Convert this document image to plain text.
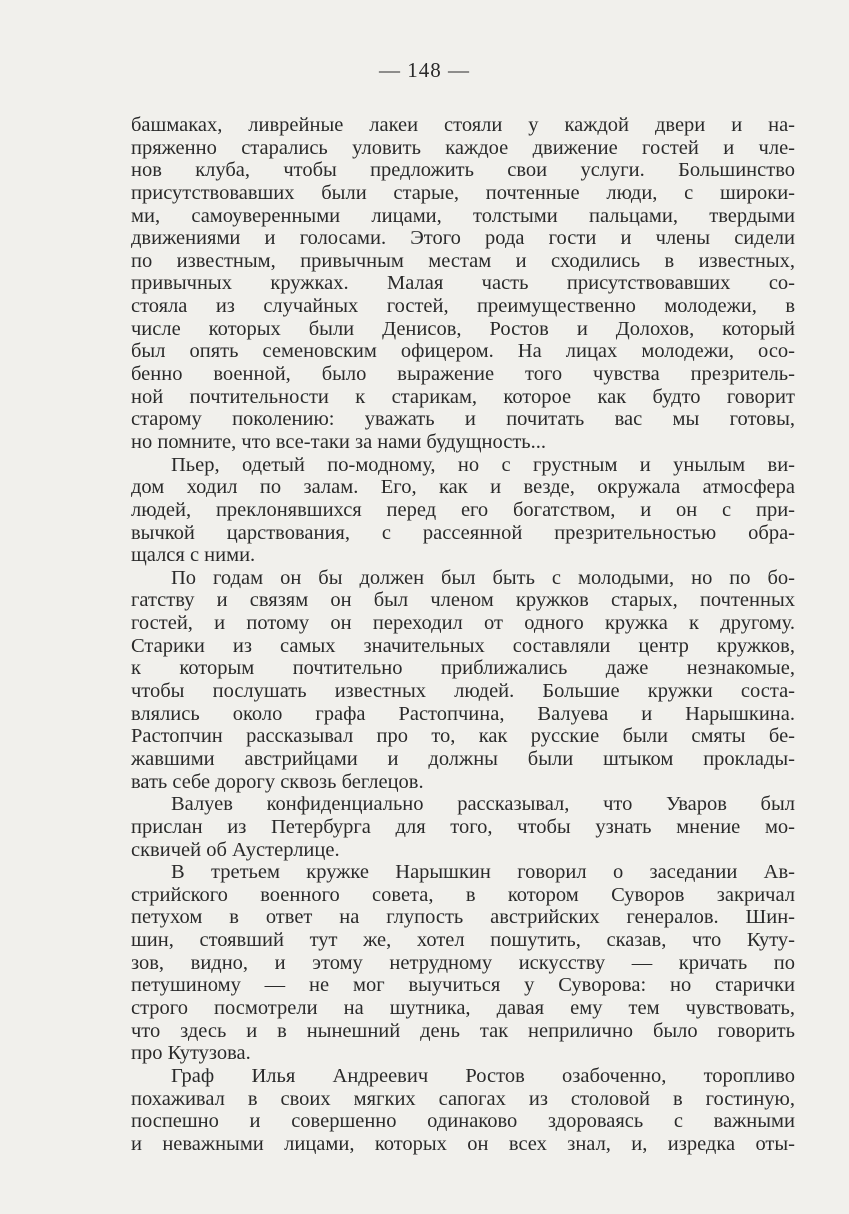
— 148 —
башмаках, ливрейные лакеи стояли у каждой двери и на-
пряженно старались уловить каждое движение гостей и чле-
нов клуба, чтобы предложить свои услуги. Большинство
присутствовавших были старые, почтенные люди, с широки-
ми, самоуверенными лицами, толстыми пальцами, твердыми
движениями и голосами. Этого рода гости и члены сидели
по известным, привычным местам и сходились в известных,
привычных кружках. Малая часть присутствовавших со-
стояла из случайных гостей, преимущественно молодежи, в
числе которых были Денисов, Ростов и Долохов, который
был опять семеновским офицером. На лицах молодежи, осо-
бенно военной, было выражение того чувства презритель-
ной почтительности к старикам, которое как будто говорит
старому поколению: уважать и почитать вас мы готовы,
но помните, что все-таки за нами будущность...
Пьер, одетый по-модному, но с грустным и унылым ви-
дом ходил по залам. Его, как и везде, окружала атмосфера
людей, преклонявшихся перед его богатством, и он с при-
вычкой царствования, с рассеянной презрительностью обра-
щался с ними.
По годам он бы должен был быть с молодыми, но по бо-
гатству и связям он был членом кружков старых, почтенных
гостей, и потому он переходил от одного кружка к другому.
Старики из самых значительных составляли центр кружков,
к которым почтительно приближались даже незнакомые,
чтобы послушать известных людей. Большие кружки соста-
влялись около графа Растопчина, Валуева и Нарышкина.
Растопчин рассказывал про то, как русские были смяты бе-
жавшими австрийцами и должны были штыком проклады-
вать себе дорогу сквозь беглецов.
Валуев конфиденциально рассказывал, что Уваров был
прислан из Петербурга для того, чтобы узнать мнение мо-
сквичей об Аустерлице.
В третьем кружке Нарышкин говорил о заседании Ав-
стрийского военного совета, в котором Суворов закричал
петухом в ответ на глупость австрийских генералов. Шин-
шин, стоявший тут же, хотел пошутить, сказав, что Куту-
зов, видно, и этому нетрудному искусству — кричать по
петушиному — не мог выучиться у Суворова: но старички
строго посмотрели на шутника, давая ему тем чувствовать,
что здесь и в нынешний день так неприлично было говорить
про Кутузова.
Граф Илья Андреевич Ростов озабоченно, торопливо
похаживал в своих мягких сапогах из столовой в гостиную,
поспешно и совершенно одинаково здороваясь с важными
и неважными лицами, которых он всех знал, и, изредка оты-
